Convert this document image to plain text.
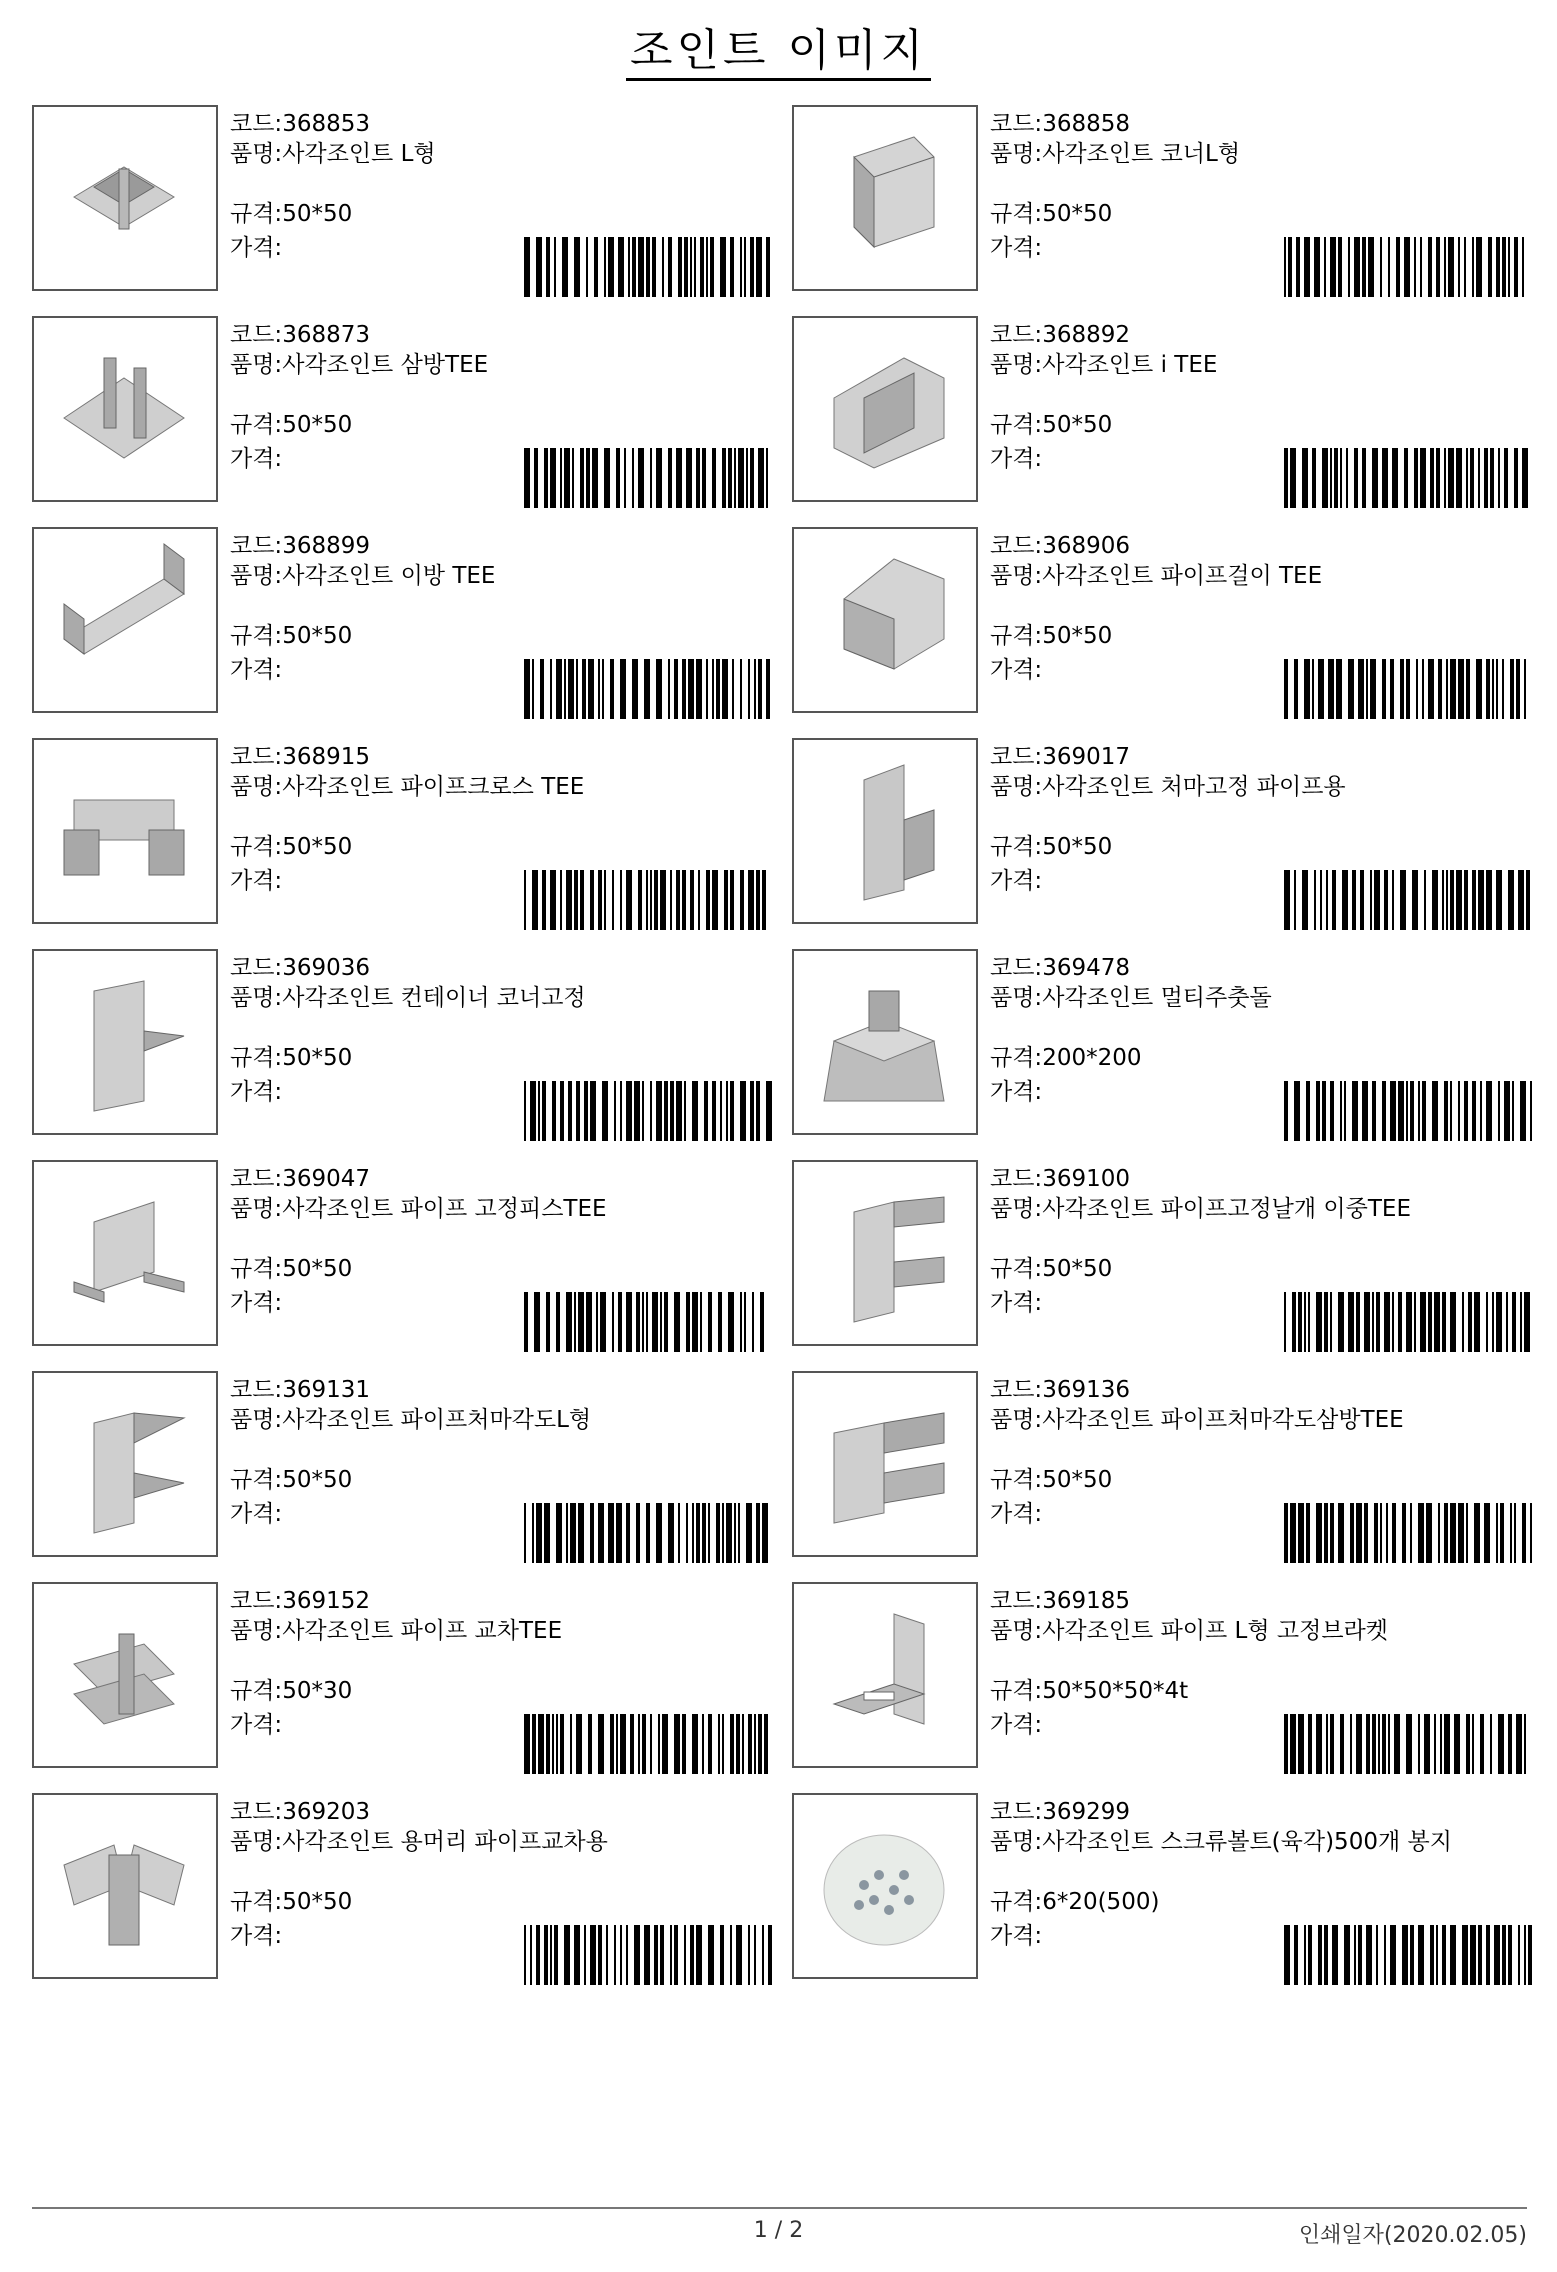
조인트 이미지
코드:368853
품명:사각조인트 L형
규격:50*50
가격:
코드:368858
품명:사각조인트 코너L형
규격:50*50
가격:
코드:368873
품명:사각조인트 삼방TEE
규격:50*50
가격:
코드:368892
품명:사각조인트 i TEE
규격:50*50
가격:
코드:368899
품명:사각조인트 이방 TEE
규격:50*50
가격:
코드:368906
품명:사각조인트 파이프걸이 TEE
규격:50*50
가격:
코드:368915
품명:사각조인트 파이프크로스 TEE
규격:50*50
가격:
코드:369017
품명:사각조인트 처마고정 파이프용
규격:50*50
가격:
코드:369036
품명:사각조인트 컨테이너 코너고정
규격:50*50
가격:
코드:369478
품명:사각조인트 멀티주춧돌
규격:200*200
가격:
코드:369047
품명:사각조인트 파이프 고정피스TEE
규격:50*50
가격:
코드:369100
품명:사각조인트 파이프고정날개 이중TEE
규격:50*50
가격:
코드:369131
품명:사각조인트 파이프처마각도L형
규격:50*50
가격:
코드:369136
품명:사각조인트 파이프처마각도삼방TEE
규격:50*50
가격:
코드:369152
품명:사각조인트 파이프 교차TEE
규격:50*30
가격:
코드:369185
품명:사각조인트 파이프 L형 고정브라켓
규격:50*50*50*4t
가격:
코드:369203
품명:사각조인트 용머리 파이프교차용
규격:50*50
가격:
코드:369299
품명:사각조인트 스크류볼트(육각)500개 봉지
규격:6*20(500)
가격:
1 / 2	인쇄일자(2020.02.05)
